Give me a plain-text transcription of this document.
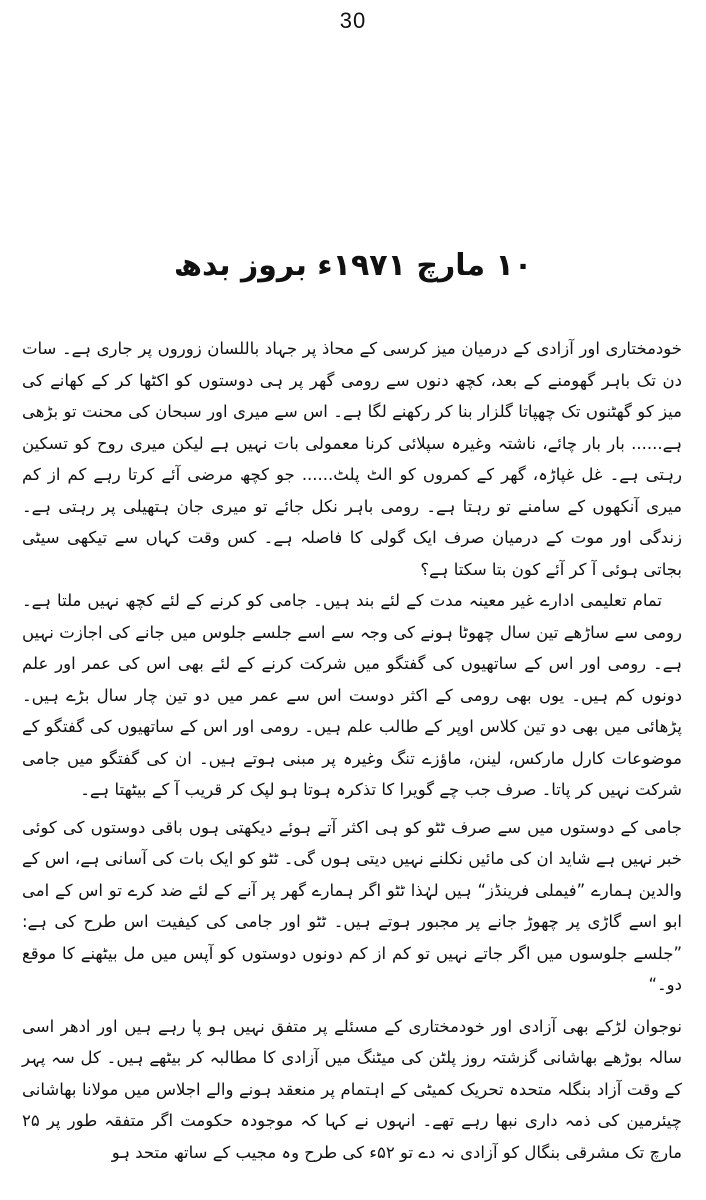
30
۱۰ مارچ ۱۹۷۱ء بروز بدھ

خودمختاری اور آزادی کے درمیان میز کرسی کے محاذ پر جہاد باللسان زوروں پر جاری ہے۔ سات دن تک باہر گھومنے کے بعد، کچھ دنوں سے رومی گھر پر ہی دوستوں کو اکٹھا کر کے کھانے کی میز کو گھٹنوں تک چھپاتا گلزار بنا کر رکھنے لگا ہے۔ اس سے میری اور سبحان کی محنت تو بڑھی ہے...... بار بار چائے، ناشتہ وغیرہ سپلائی کرنا معمولی بات نہیں ہے لیکن میری روح کو تسکین رہتی ہے۔ غل غپاڑہ، گھر کے کمروں کو الٹ پلٹ...... جو کچھ مرضی آئے کرتا رہے کم از کم میری آنکھوں کے سامنے تو رہتا ہے۔ رومی باہر نکل جائے تو میری جان ہتھیلی پر رہتی ہے۔ زندگی اور موت کے درمیان صرف ایک گولی کا فاصلہ ہے۔ کس وقت کہاں سے تیکھی سیٹی بجاتی ہوئی آ کر آئے کون بتا سکتا ہے؟

تمام تعلیمی ادارے غیر معینہ مدت کے لئے بند ہیں۔ جامی کو کرنے کے لئے کچھ نہیں ملتا ہے۔ رومی سے ساڑھے تین سال چھوٹا ہونے کی وجہ سے اسے جلسے جلوس میں جانے کی اجازت نہیں ہے۔ رومی اور اس کے ساتھیوں کی گفتگو میں شرکت کرنے کے لئے بھی اس کی عمر اور علم دونوں کم ہیں۔ یوں بھی رومی کے اکثر دوست اس سے عمر میں دو تین چار سال بڑے ہیں۔ پڑھائی میں بھی دو تین کلاس اوپر کے طالب علم ہیں۔ رومی اور اس کے ساتھیوں کی گفتگو کے موضوعات کارل مارکس، لینن، ماؤزے تنگ وغیرہ پر مبنی ہوتے ہیں۔ ان کی گفتگو میں جامی شرکت نہیں کر پاتا۔ صرف جب چے گویرا کا تذکرہ ہوتا ہو لپک کر قریب آ کے بیٹھتا ہے۔

جامی کے دوستوں میں سے صرف ٹٹو کو ہی اکثر آتے ہوئے دیکھتی ہوں باقی دوستوں کی کوئی خبر نہیں ہے شاید ان کی مائیں نکلنے نہیں دیتی ہوں گی۔ ٹٹو کو ایک بات کی آسانی ہے، اس کے والدین ہمارے ”فیملی فرینڈز“ ہیں لہٰذا ٹٹو اگر ہمارے گھر پر آنے کے لئے ضد کرے تو اس کے امی ابو اسے گاڑی پر چھوڑ جانے پر مجبور ہوتے ہیں۔ ٹٹو اور جامی کی کیفیت اس طرح کی ہے: ”جلسے جلوسوں میں اگر جاتے نہیں تو کم از کم دونوں دوستوں کو آپس میں مل بیٹھنے کا موقع دو۔“

نوجوان لڑکے بھی آزادی اور خودمختاری کے مسئلے پر متفق نہیں ہو پا رہے ہیں اور ادھر اسی سالہ بوڑھے بھاشانی گزشتہ روز پلٹن کی میٹنگ میں آزادی کا مطالبہ کر بیٹھے ہیں۔ کل سہ پہر کے وقت آزاد بنگلہ متحدہ تحریک کمیٹی کے اہتمام پر منعقد ہونے والے اجلاس میں مولانا بھاشانی چیئرمین کی ذمہ داری نبھا رہے تھے۔ انہوں نے کہا کہ موجودہ حکومت اگر متفقہ طور پر ۲۵ مارچ تک مشرقی بنگال کو آزادی نہ دے تو ۵۲ء کی طرح وہ مجیب کے ساتھ متحد ہو
